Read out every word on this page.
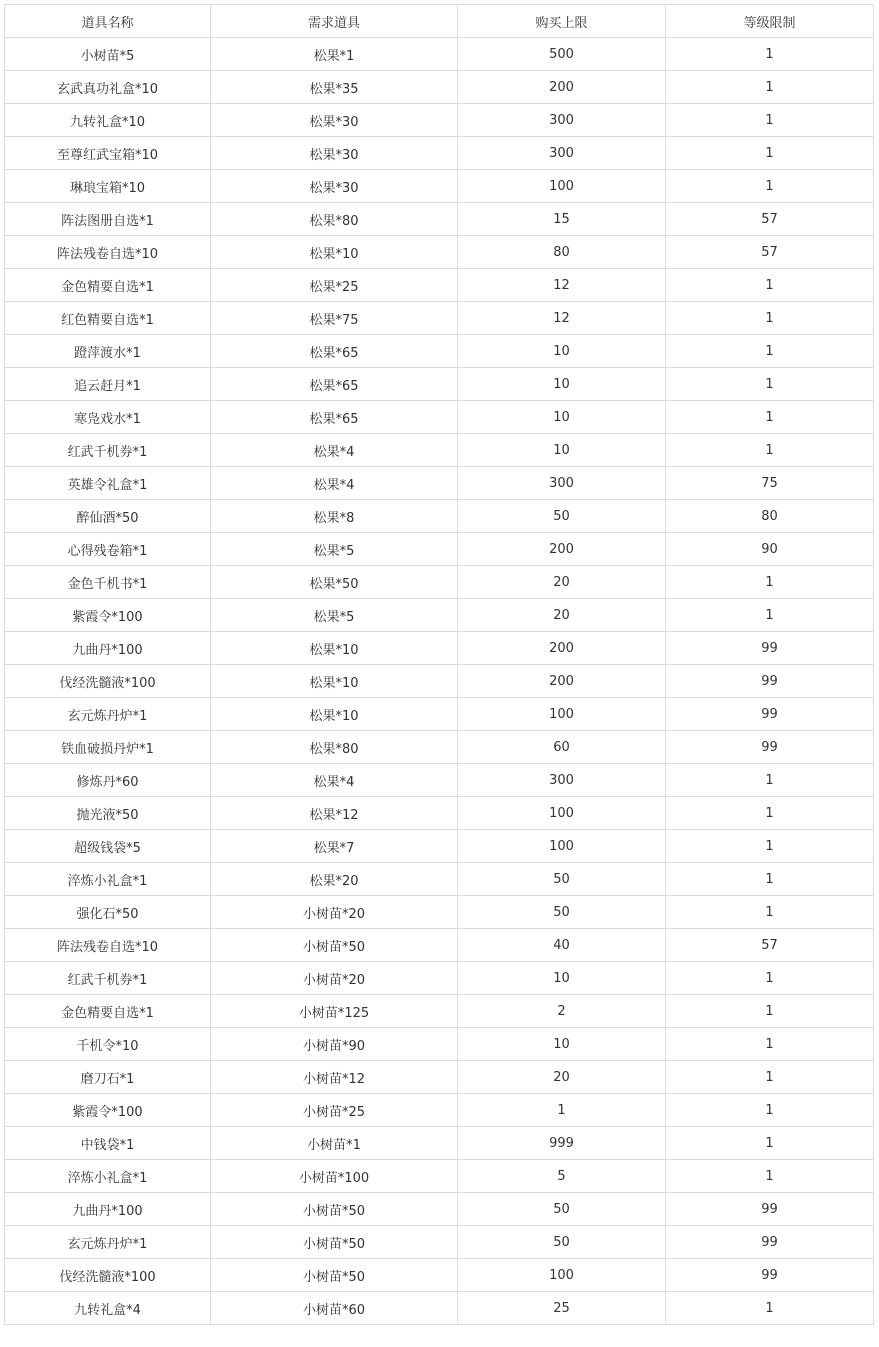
道具名称	需求道具	购买上限	等级限制
小树苗*5	松果*1	500	1
玄武真功礼盒*10	松果*35	200	1
九转礼盒*10	松果*30	300	1
至尊红武宝箱*10	松果*30	300	1
琳琅宝箱*10	松果*30	100	1
阵法图册自选*1	松果*80	15	57
阵法残卷自选*10	松果*10	80	57
金色精要自选*1	松果*25	12	1
红色精要自选*1	松果*75	12	1
蹬萍渡水*1	松果*65	10	1
追云赶月*1	松果*65	10	1
寒凫戏水*1	松果*65	10	1
红武千机券*1	松果*4	10	1
英雄令礼盒*1	松果*4	300	75
醉仙酒*50	松果*8	50	80
心得残卷箱*1	松果*5	200	90
金色千机书*1	松果*50	20	1
紫霞令*100	松果*5	20	1
九曲丹*100	松果*10	200	99
伐经洗髓液*100	松果*10	200	99
玄元炼丹炉*1	松果*10	100	99
铁血破损丹炉*1	松果*80	60	99
修炼丹*60	松果*4	300	1
抛光液*50	松果*12	100	1
超级钱袋*5	松果*7	100	1
淬炼小礼盒*1	松果*20	50	1
强化石*50	小树苗*20	50	1
阵法残卷自选*10	小树苗*50	40	57
红武千机券*1	小树苗*20	10	1
金色精要自选*1	小树苗*125	2	1
千机令*10	小树苗*90	10	1
磨刀石*1	小树苗*12	20	1
紫霞令*100	小树苗*25	1	1
中钱袋*1	小树苗*1	999	1
淬炼小礼盒*1	小树苗*100	5	1
九曲丹*100	小树苗*50	50	99
玄元炼丹炉*1	小树苗*50	50	99
伐经洗髓液*100	小树苗*50	100	99
九转礼盒*4	小树苗*60	25	1
